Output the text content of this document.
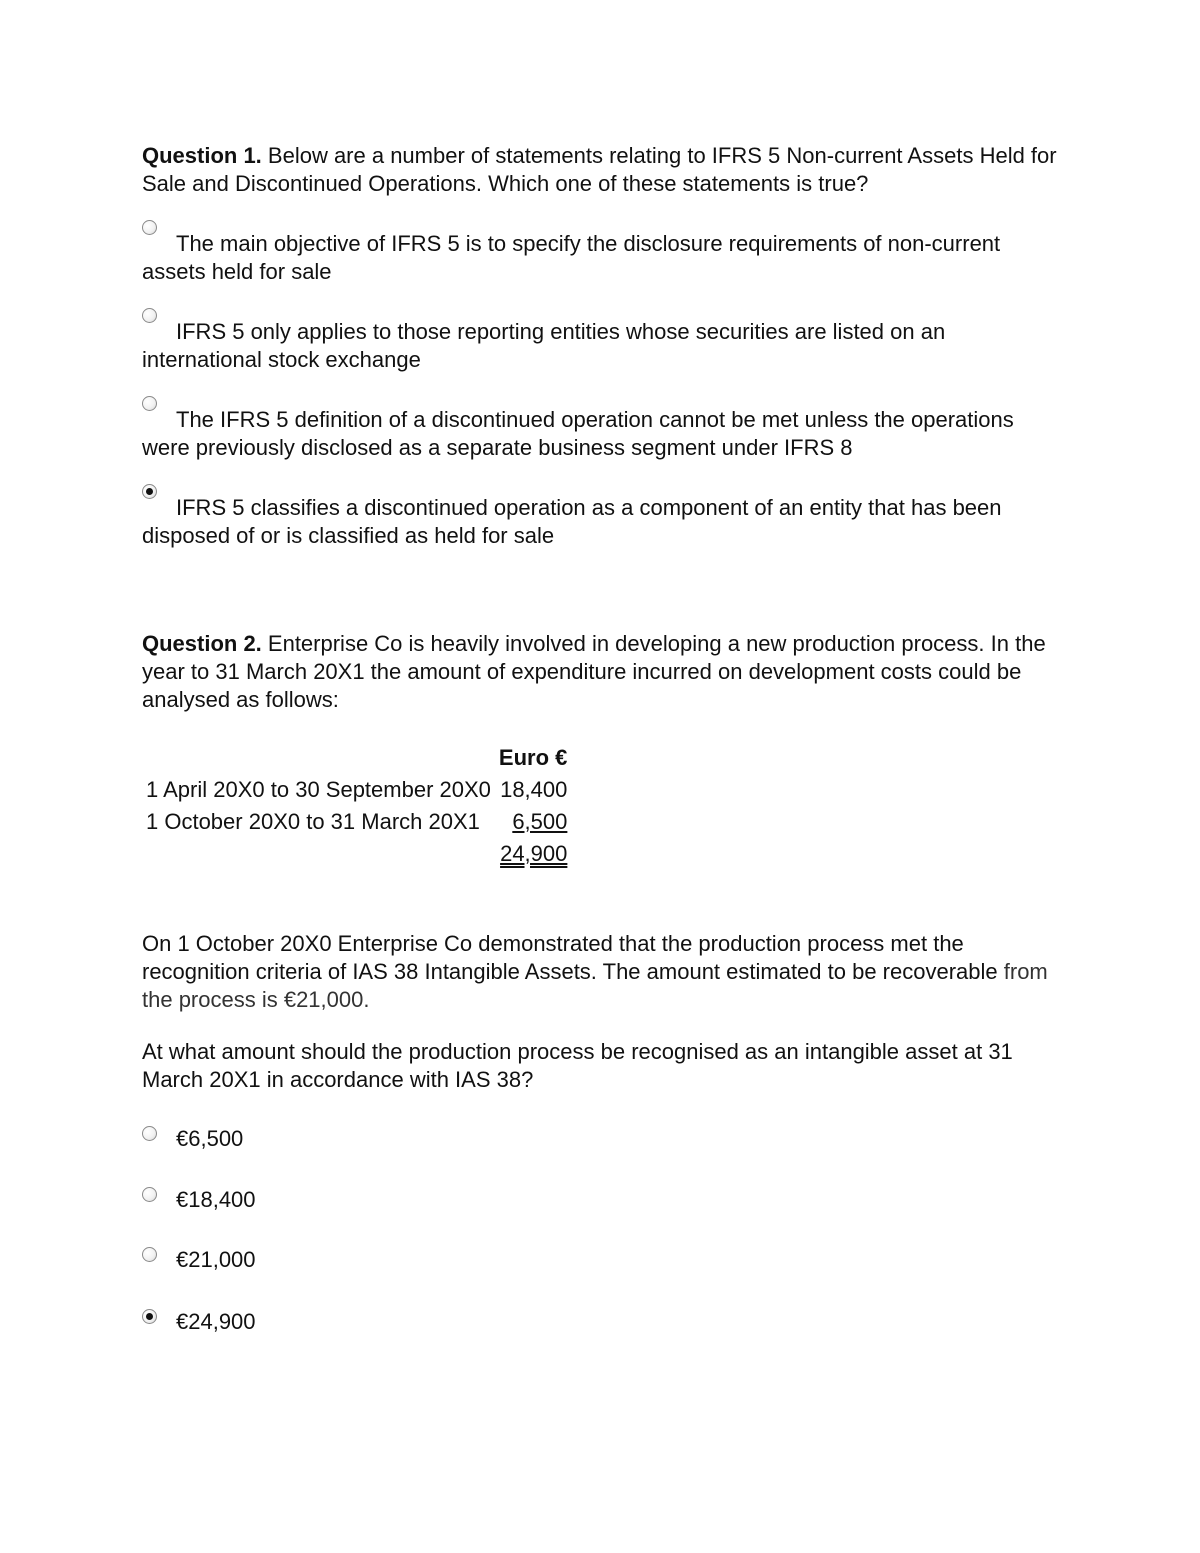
Question 1. Below are a number of statements relating to IFRS 5 Non-current Assets Held for Sale and Discontinued Operations. Which one of these statements is true?
The main objective of IFRS 5 is to specify the disclosure requirements of non-current assets held for sale
IFRS 5 only applies to those reporting entities whose securities are listed on an international stock exchange
The IFRS 5 definition of a discontinued operation cannot be met unless the operations were previously disclosed as a separate business segment under IFRS 8
IFRS 5 classifies a discontinued operation as a component of an entity that has been disposed of or is classified as held for sale
Question 2. Enterprise Co is heavily involved in developing a new production process. In the year to 31 March 20X1 the amount of expenditure incurred on development costs could be analysed as follows:
	Euro €
1 April 20X0 to 30 September 20X0	18,400
1 October 20X0 to 31 March 20X1	6,500
	24,900
On 1 October 20X0 Enterprise Co demonstrated that the production process met the recognition criteria of IAS 38 Intangible Assets. The amount estimated to be recoverable from the process is €21,000.
At what amount should the production process be recognised as an intangible asset at 31 March 20X1 in accordance with IAS 38?
€6,500
€18,400
€21,000
€24,900
